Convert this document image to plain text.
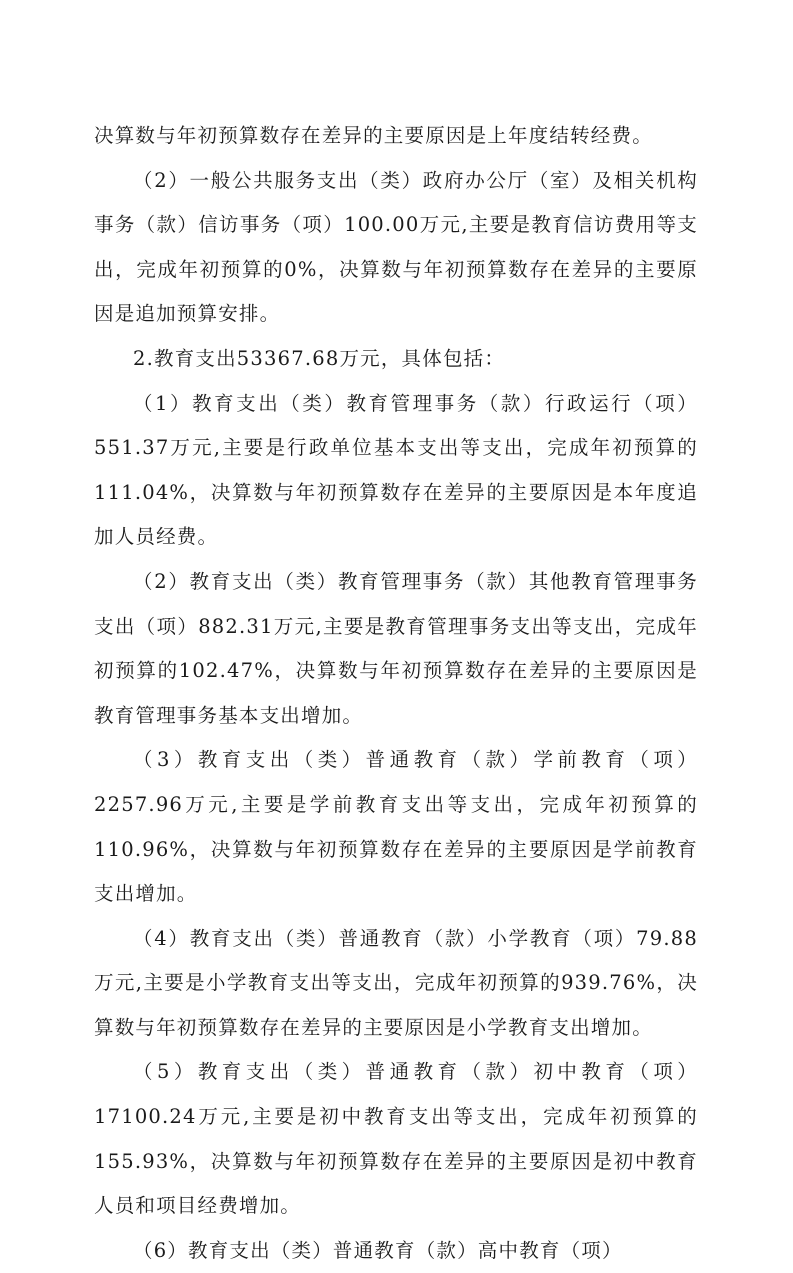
决算数与年初预算数存在差异的主要原因是上年度结转经费。

（2）一般公共服务支出（类）政府办公厅（室）及相关机构事务（款）信访事务（项）100.00万元,主要是教育信访费用等支出，完成年初预算的0%，决算数与年初预算数存在差异的主要原因是追加预算安排。

2.教育支出53367.68万元，具体包括：

（1）教育支出（类）教育管理事务（款）行政运行（项）551.37万元,主要是行政单位基本支出等支出，完成年初预算的111.04%，决算数与年初预算数存在差异的主要原因是本年度追加人员经费。

（2）教育支出（类）教育管理事务（款）其他教育管理事务支出（项）882.31万元,主要是教育管理事务支出等支出，完成年初预算的102.47%，决算数与年初预算数存在差异的主要原因是教育管理事务基本支出增加。

（3）教育支出（类）普通教育（款）学前教育（项）2257.96万元,主要是学前教育支出等支出，完成年初预算的110.96%，决算数与年初预算数存在差异的主要原因是学前教育支出增加。

（4）教育支出（类）普通教育（款）小学教育（项）79.88万元,主要是小学教育支出等支出，完成年初预算的939.76%，决算数与年初预算数存在差异的主要原因是小学教育支出增加。

（5）教育支出（类）普通教育（款）初中教育（项）17100.24万元,主要是初中教育支出等支出，完成年初预算的155.93%，决算数与年初预算数存在差异的主要原因是初中教育人员和项目经费增加。

（6）教育支出（类）普通教育（款）高中教育（项）
